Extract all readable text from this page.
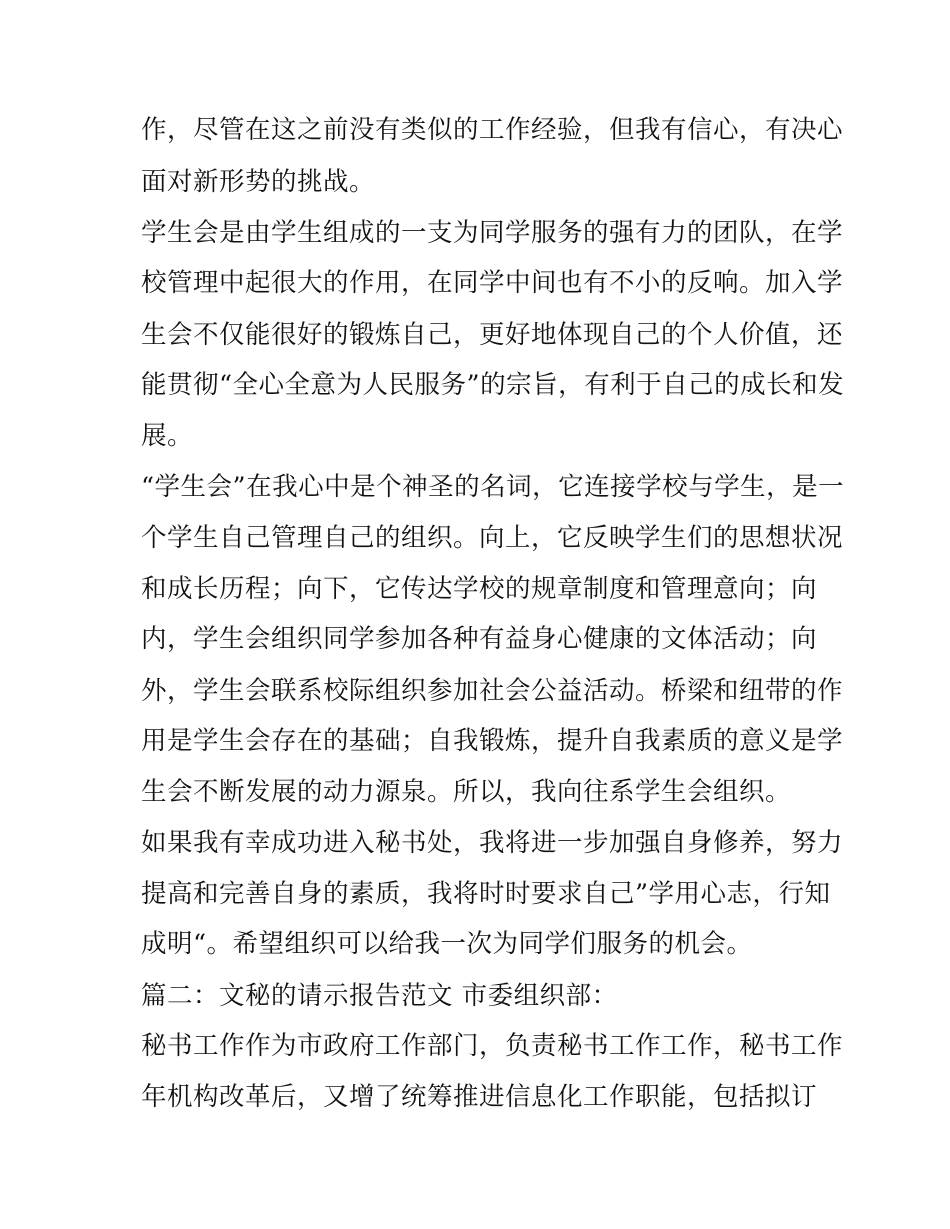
作，尽管在这之前没有类似的工作经验，但我有信心，有决心
面对新形势的挑战。
学生会是由学生组成的一支为同学服务的强有力的团队，在学
校管理中起很大的作用，在同学中间也有不小的反响。加入学
生会不仅能很好的锻炼自己，更好地体现自己的个人价值，还
能贯彻“全心全意为人民服务”的宗旨，有利于自己的成长和发
展。
“学生会”在我心中是个神圣的名词，它连接学校与学生，是一
个学生自己管理自己的组织。向上，它反映学生们的思想状况
和成长历程；向下，它传达学校的规章制度和管理意向；向
内，学生会组织同学参加各种有益身心健康的文体活动；向
外，学生会联系校际组织参加社会公益活动。桥梁和纽带的作
用是学生会存在的基础；自我锻炼，提升自我素质的意义是学
生会不断发展的动力源泉。所以，我向往系学生会组织。
如果我有幸成功进入秘书处，我将进一步加强自身修养，努力
提高和完善自身的素质，我将时时要求自己”学用心志，行知
成明“。希望组织可以给我一次为同学们服务的机会。
篇二：文秘的请示报告范文 市委组织部：
秘书工作作为市政府工作部门，负责秘书工作工作，秘书工作
年机构改革后，又增了统筹推进信息化工作职能，包括拟订
